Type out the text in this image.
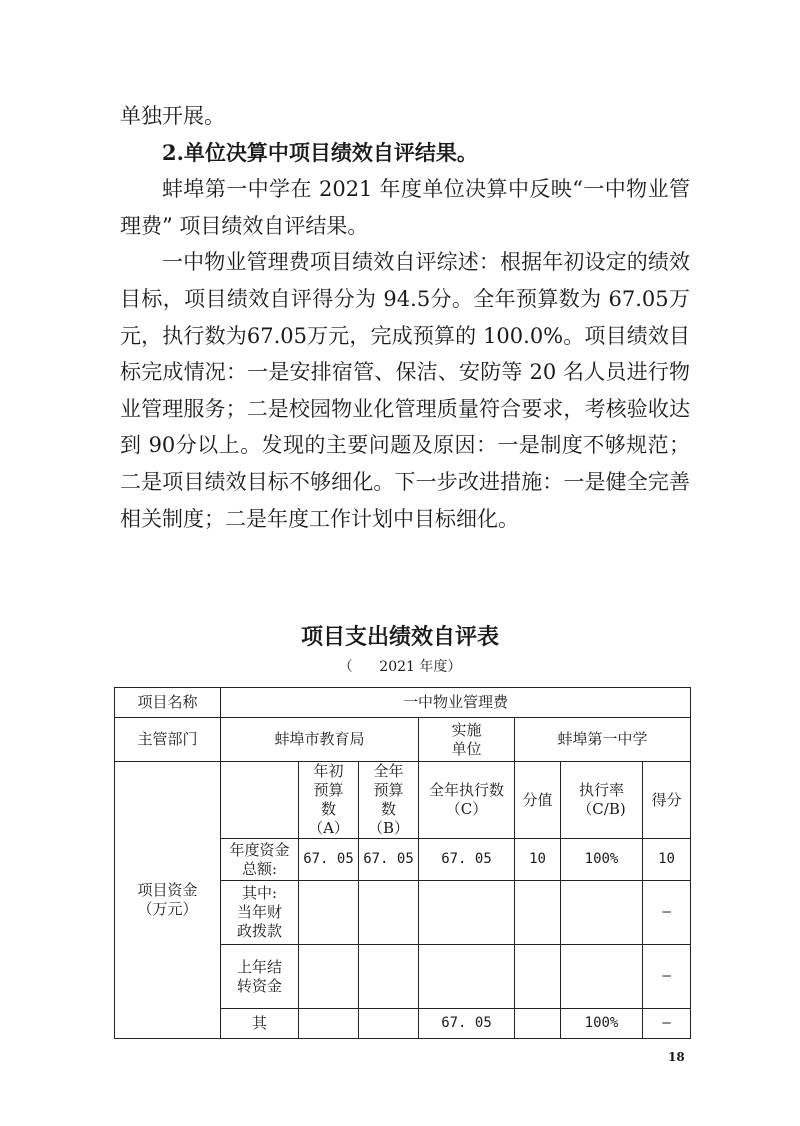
单独开展。

2.单位决算中项目绩效自评结果。

蚌埠第一中学在 2021 年度单位决算中反映“一中物业管理费” 项目绩效自评结果。

一中物业管理费项目绩效自评综述：根据年初设定的绩效目标，项目绩效自评得分为 94.5分。全年预算数为 67.05万元，执行数为67.05万元，完成预算的 100.0%。项目绩效目标完成情况：一是安排宿管、保洁、安防等 20 名人员进行物业管理服务；二是校园物业化管理质量符合要求，考核验收达到 90分以上。发现的主要问题及原因：一是制度不够规范；二是项目绩效目标不够细化。下一步改进措施：一是健全完善相关制度；二是年度工作计划中目标细化。

项目支出绩效自评表
（      2021 年度）
项目名称	一中物业管理费						
主管部门	蚌埠市教育局			实施单位	蚌埠第一中学		
项目资金（万元）		年初预算数（A）	全年预算数（B）	全年执行数（C）	分值	执行率（C/B)	得分
	年度资金总额:	67. 05	67. 05	67. 05	10	100%	10
	其中:当年财政拨款						–
	上年结转资金						–
	其			67. 05		100%	–
18
